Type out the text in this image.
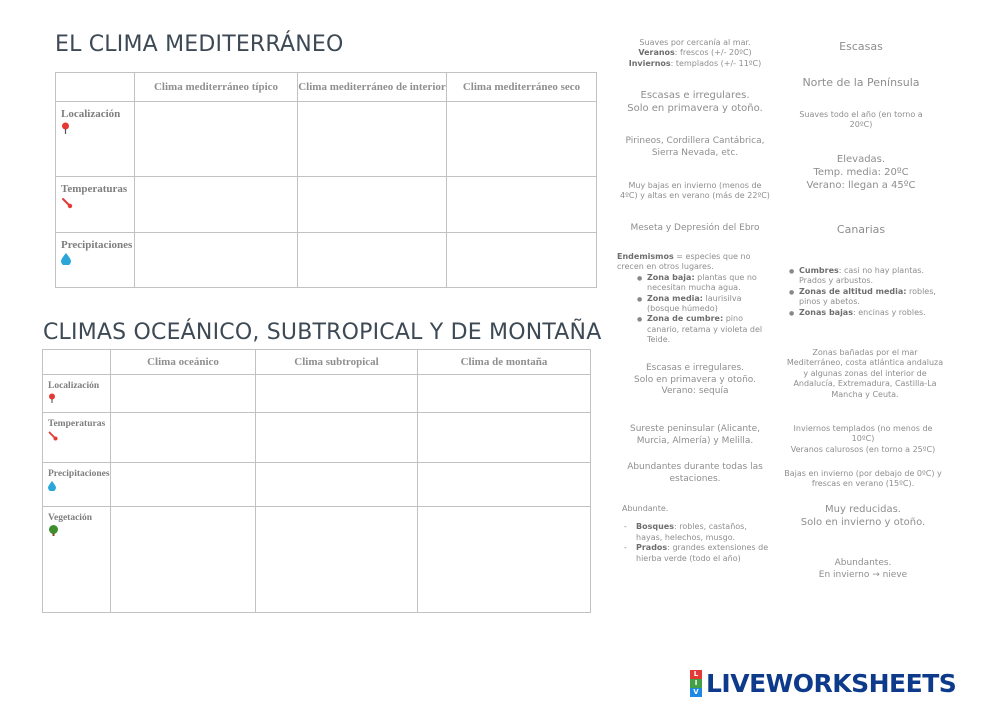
EL CLIMA MEDITERRÁNEO
CLIMAS OCEÁNICO, SUBTROPICAL Y DE MONTAÑA
	Clima mediterráneo típico	Clima mediterráneo de interior	Clima mediterráneo seco

Localización			

Temperaturas			

Precipitaciones			

	Clima oceánico	Clima subtropical	Clima de montaña

Localización			

Temperaturas			

Precipitaciones			

Vegetación			

Suaves por cercanía al mar.
Veranos: frescos (+/- 20ºC)
Inviernos: templados (+/- 11ºC)
Escasas e irregulares.
Solo en primavera y otoño.
Pirineos, Cordillera Cantábrica, Sierra Nevada, etc.
Muy bajas en invierno (menos de 4ºC) y altas en verano (más de 22ºC)
Meseta y Depresión del Ebro
Endemismos = especies que no crecen en otros lugares.
● Zona baja: plantas que no necesitan mucha agua.
● Zona media: laurisilva (bosque húmedo)
● Zona de cumbre: pino canario, retama y violeta del Teide.
Escasas e irregulares.
Solo en primavera y otoño.
Verano: sequía
Sureste peninsular (Alicante, Murcia, Almería) y Melilla.
Abundantes durante todas las estaciones.
Abundante.
- Bosques: robles, castaños, hayas, helechos, musgo.
- Prados: grandes extensiones de hierba verde (todo el año)
Escasas
Norte de la Península
Suaves todo el año (en torno a 20ºC)
Elevadas.
Temp. media: 20ºC
Verano: llegan a 45ºC
Canarias
● Cumbres: casi no hay plantas. Prados y arbustos.
● Zonas de altitud media: robles, pinos y abetos.
● Zonas bajas: encinas y robles.
Zonas bañadas por el mar Mediterráneo, costa atlántica andaluza y algunas zonas del interior de Andalucía, Extremadura, Castilla-La Mancha y Ceuta.
Inviernos templados (no menos de 10ºC)
Veranos calurosos (en torno a 25ºC)
Bajas en invierno (por debajo de 0ºC) y frescas en verano (15ºC).
Muy reducidas.
Solo en invierno y otoño.
Abundantes.
En invierno → nieve
L
I
V LIVEWORKSHEETS
